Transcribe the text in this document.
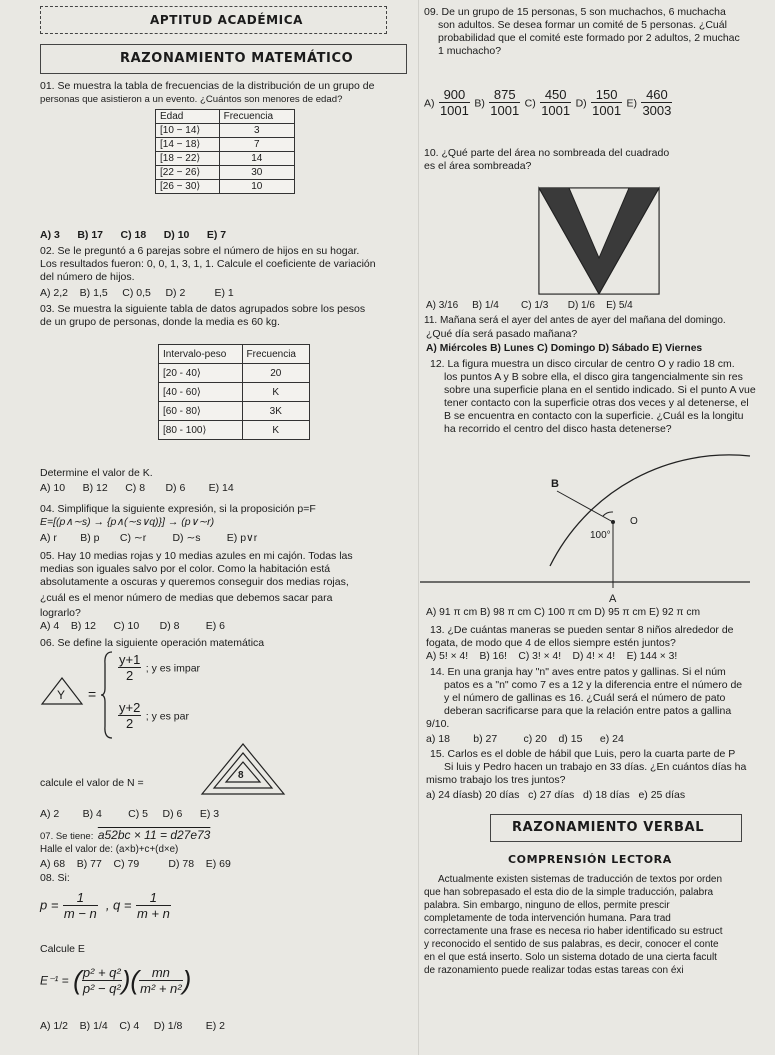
APTITUD ACADÉMICA
RAZONAMIENTO MATEMÁTICO
01. Se muestra la tabla de frecuencias de la distribución de un grupo de
personas que asistieron a un evento. ¿Cuántos son menores de edad?
Edad	Frecuencia
[10 − 14⟩	3
[14 − 18⟩	7
[18 − 22⟩	14
[22 − 26⟩	30
[26 − 30⟩	10
A) 3      B) 17      C) 18      D) 10      E) 7
02. Se le preguntó a 6 parejas sobre el número de hijos en su hogar.
Los resultados fueron: 0, 0, 1, 3, 1, 1. Calcule el coeficiente de variación
del número de hijos.
A) 2,2    B) 1,5     C) 0,5     D) 2          E) 1
03. Se muestra la siguiente tabla de datos agrupados sobre los pesos
de un grupo de personas, donde la media es 60 kg.
Intervalo-peso	Frecuencia
[20 - 40⟩	20
[40 - 60⟩	K
[60 - 80⟩	3K
[80 - 100⟩	K
Determine el valor de K.
A) 10      B) 12      C) 8       D) 6        E) 14
04. Simplifique la siguiente expresión, si la proposición p=F
E=[(p∧∼s) → {p∧(∼s∨q)}] → (p∨∼r)
A) r        B) p       C) ∼r         D) ∼s         E) p∨r
05. Hay 10 medias rojas y 10 medias azules en mi cajón. Todas las
medias son iguales salvo por el color. Como la habitación está
absolutamente a oscuras y queremos conseguir dos medias rojas,
¿cuál es el menor número de medias que debemos sacar para
lograrlo?
A) 4    B) 12      C) 10       D) 8         E) 6
06. Se define la siguiente operación matemática
Y =
$\frac{y+1}{2}$ ; y es impar
$\frac{y+2}{2}$ ; y es par
calcule el valor de N =
8
A) 2        B) 4         C) 5     D) 6      E) 3
07. Se tiene: a52bc × 11 = d27e73
Halle el valor de: (a×b)+c+(d×e)
A) 68    B) 77    C) 79          D) 78    E) 69
08. Si:
$p = \frac{1}{m - n}$ , $q = \frac{1}{m + n}$
Calcule E
E⁻¹ = ( $\frac{\text{p² + q²}}{\text{p² − q²}}$ )( $\frac{mn}{\text{m² + n²}}$ )
A) 1/2    B) 1/4    C) 4     D) 1/8        E) 2
09. De un grupo de 15 personas, 5 son muchachos, 6 muchacha
son adultos. Se desea formar un comité de 5 personas. ¿Cuál
probabilidad que el comité este formado por 2 adultos, 2 muchac
1 muchacho?
$A) \frac{900}{1001} B) \frac{875}{1001} C) \frac{450}{1001} D) \frac{150}{1001} E) \frac{460}{3003}$
10. ¿Qué parte del área no sombreada del cuadrado
es el área sombreada?
A) 3/16     B) 1/4        C) 1/3       D) 1/6    E) 5/4
11. Mañana será el ayer del antes de ayer del mañana del domingo.
¿Qué día será pasado mañana?
A) Miércoles B) Lunes C) Domingo D) Sábado E) Viernes
12. La figura muestra un disco circular de centro O y radio 18 cm.
los puntos A y B sobre ella, el disco gira tangencialmente sin res
sobre una superficie plana en el sentido indicado. Si el punto A vue
tener contacto con la superficie otras dos veces y al detenerse, el
B se encuentra en contacto con la superficie. ¿Cuál es la longitu
ha recorrido el centro del disco hasta detenerse?
B
O
100°
A
A) 91 π cm B) 98 π cm C) 100 π cm D) 95 π cm E) 92 π cm
13. ¿De cuántas maneras se pueden sentar 8 niños alrededor de
fogata, de modo que 4 de ellos siempre estén juntos?
A) 5! × 4!    B) 16!    C) 3! × 4!    D) 4! × 4!    E) 144 × 3!
14. En una granja hay "n" aves entre patos y gallinas. Si el núm
patos es a "n" como 7 es a 12 y la diferencia entre el número de
y el número de gallinas es 16. ¿Cuál será el número de pato
deberan sacrificarse para que la relación entre patos a gallina
9/10.
a) 18        b) 27         c) 20    d) 15      e) 24
15. Carlos es el doble de hábil que Luis, pero la cuarta parte de P
Si luis y Pedro hacen un trabajo en 33 días. ¿En cuántos días ha
mismo trabajo los tres juntos?
a) 24 díasb) 20 días   c) 27 días   d) 18 días   e) 25 días
RAZONAMIENTO VERBAL
COMPRENSIÓN LECTORA
Actualmente existen sistemas de traducción de textos por orden
que han sobrepasado el esta dio de la simple traducción, palabra
palabra. Sin embargo, ninguno de ellos, permite prescir
completamente de toda intervención humana. Para trad
correctamente una frase es necesa rio haber identificado su estruct
y reconocido el sentido de sus palabras, es decir, conocer el conte
en el que está inserto. Solo un sistema dotado de una cierta facult
de razonamiento puede realizar todas estas tareas con éxi
